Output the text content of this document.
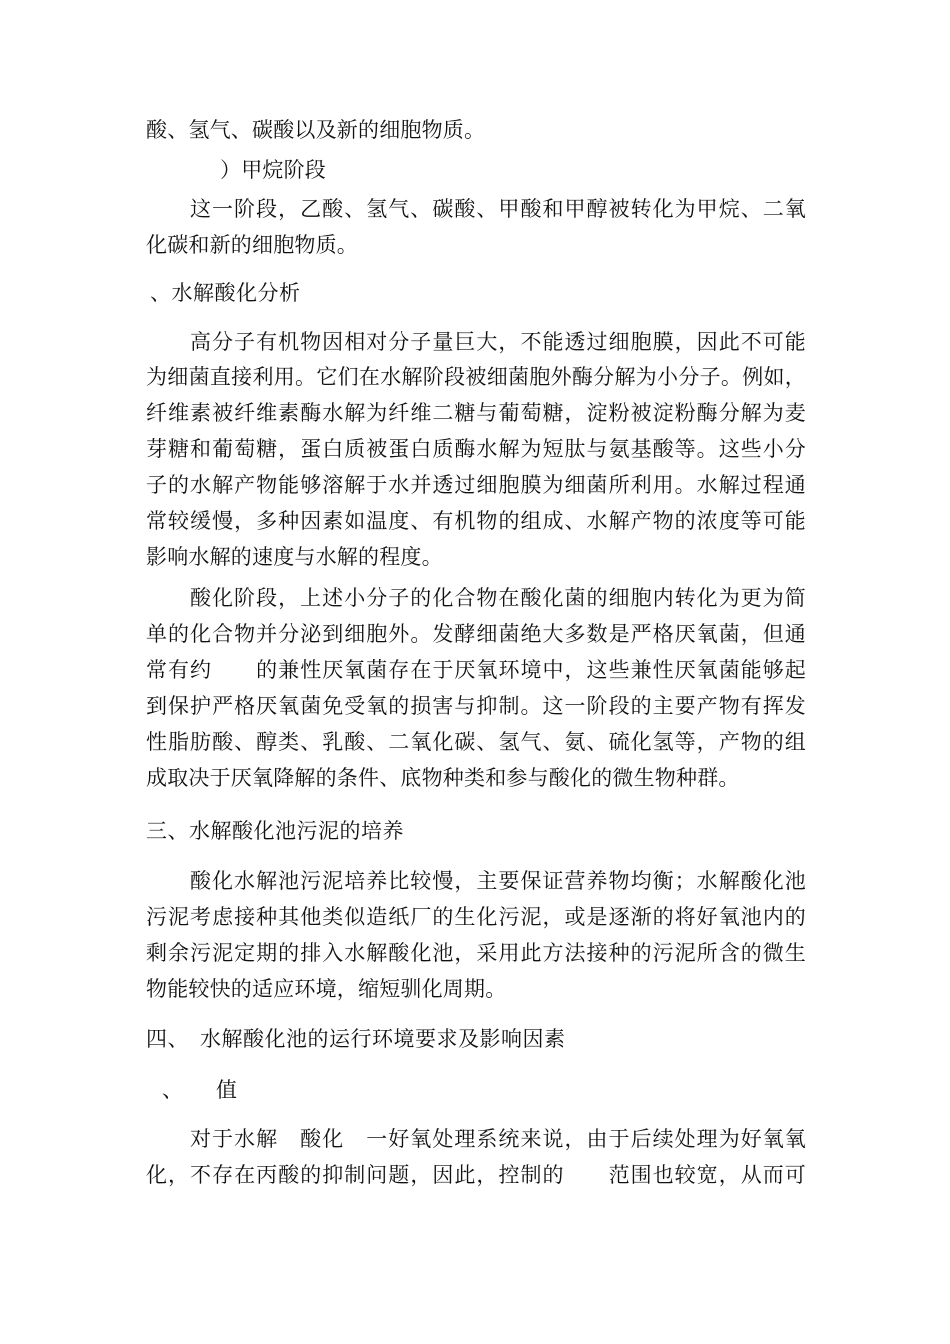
酸、氢气、碳酸以及新的细胞物质。
）甲烷阶段
这一阶段，乙酸、氢气、碳酸、甲酸和甲醇被转化为甲烷、二氧
化碳和新的细胞物质。
、水解酸化分析
高分子有机物因相对分子量巨大，不能透过细胞膜，因此不可能
为细菌直接利用。它们在水解阶段被细菌胞外酶分解为小分子。例如，
纤维素被纤维素酶水解为纤维二糖与葡萄糖，淀粉被淀粉酶分解为麦
芽糖和葡萄糖，蛋白质被蛋白质酶水解为短肽与氨基酸等。这些小分
子的水解产物能够溶解于水并透过细胞膜为细菌所利用。水解过程通
常较缓慢，多种因素如温度、有机物的组成、水解产物的浓度等可能
影响水解的速度与水解的程度。
酸化阶段，上述小分子的化合物在酸化菌的细胞内转化为更为简
单的化合物并分泌到细胞外。发酵细菌绝大多数是严格厌氧菌，但通
常有约　　的兼性厌氧菌存在于厌氧环境中，这些兼性厌氧菌能够起
到保护严格厌氧菌免受氧的损害与抑制。这一阶段的主要产物有挥发
性脂肪酸、醇类、乳酸、二氧化碳、氢气、氨、硫化氢等，产物的组
成取决于厌氧降解的条件、底物种类和参与酸化的微生物种群。
三、水解酸化池污泥的培养
酸化水解池污泥培养比较慢，主要保证营养物均衡；水解酸化池
污泥考虑接种其他类似造纸厂的生化污泥，或是逐渐的将好氧池内的
剩余污泥定期的排入水解酸化池，采用此方法接种的污泥所含的微生
物能较快的适应环境，缩短驯化周期。
四、　水解酸化池的运行环境要求及影响因素
、　　值
对于水解　酸化　一好氧处理系统来说，由于后续处理为好氧氧
化，不存在丙酸的抑制问题，因此，控制的　　范围也较宽，从而可
